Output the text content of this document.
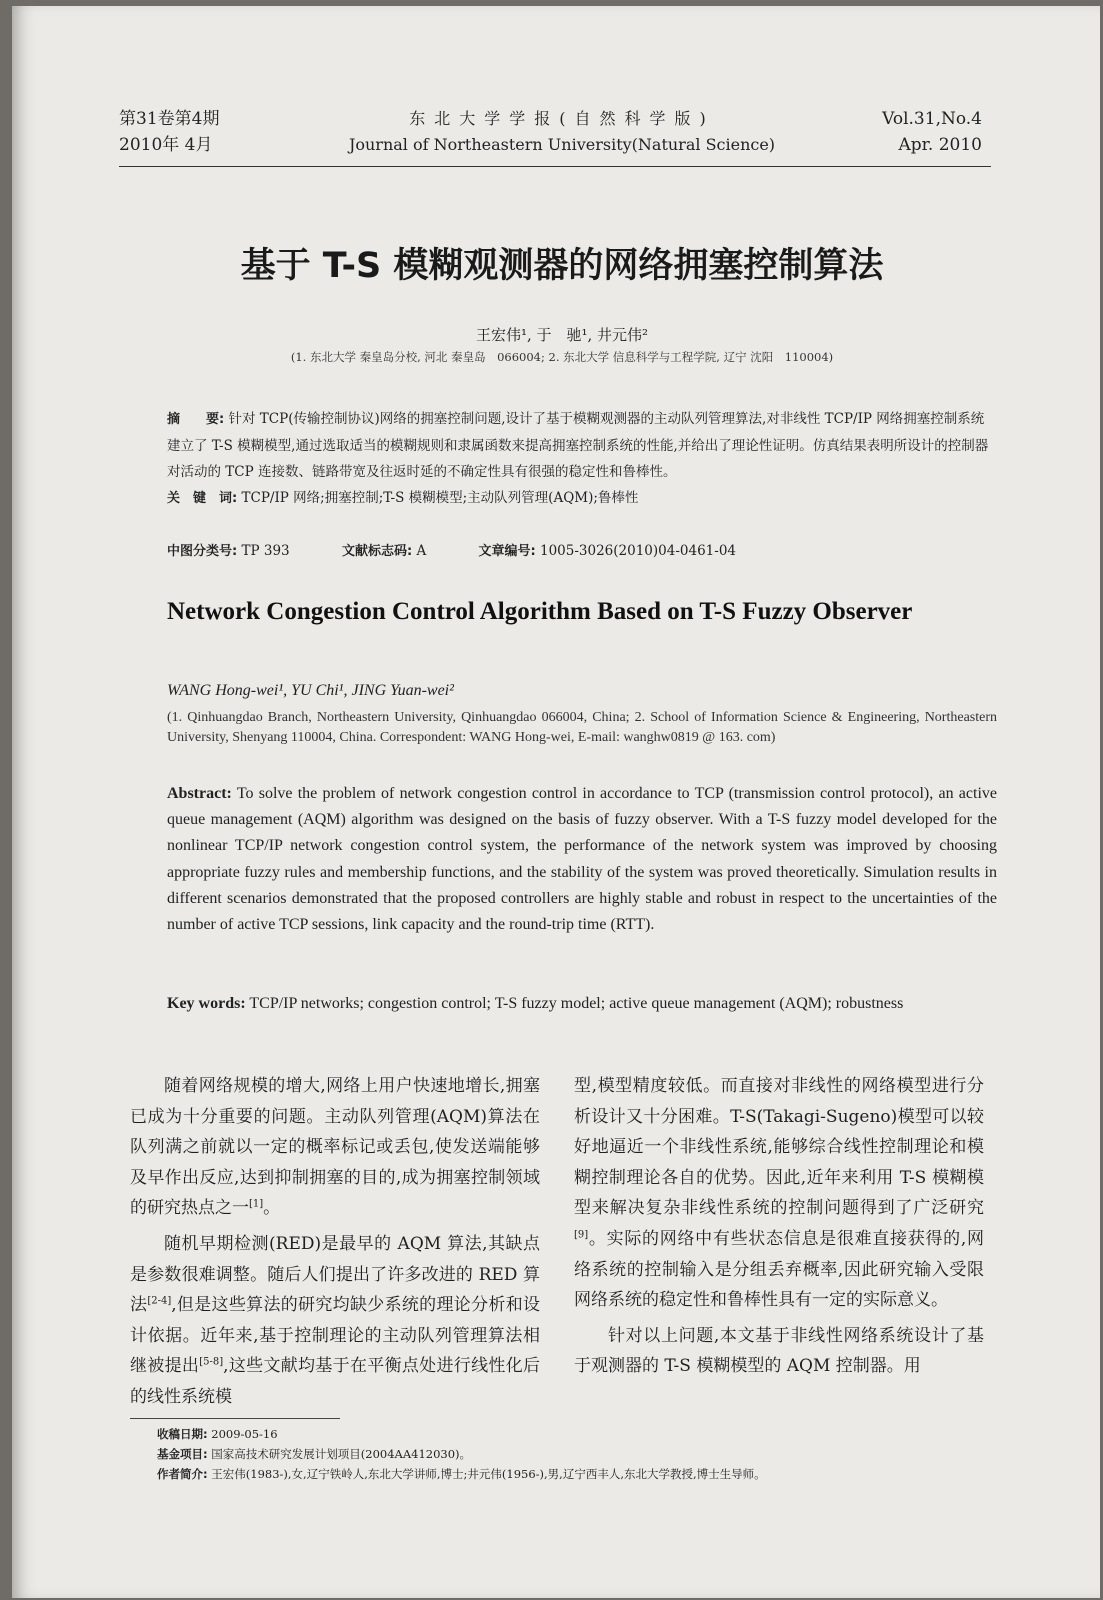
第31卷第4期
2010年 4月
东北大学学报(自然科学版)
Journal of Northeastern University(Natural Science)
Vol.31,No.4
Apr. 2010
基于 T-S 模糊观测器的网络拥塞控制算法
王宏伟¹, 于　驰¹, 井元伟²
(1. 东北大学 秦皇岛分校, 河北 秦皇岛　066004; 2. 东北大学 信息科学与工程学院, 辽宁 沈阳　110004)
摘　　要: 针对 TCP(传输控制协议)网络的拥塞控制问题,设计了基于模糊观测器的主动队列管理算法,对非线性 TCP/IP 网络拥塞控制系统建立了 T-S 模糊模型,通过选取适当的模糊规则和隶属函数来提高拥塞控制系统的性能,并给出了理论性证明。仿真结果表明所设计的控制器对活动的 TCP 连接数、链路带宽及往返时延的不确定性具有很强的稳定性和鲁棒性。
关　键　词: TCP/IP 网络;拥塞控制;T-S 模糊模型;主动队列管理(AQM);鲁棒性
中图分类号: TP 393	文献标志码: A	文章编号: 1005-3026(2010)04-0461-04
Network Congestion Control Algorithm Based on T-S Fuzzy Observer
WANG Hong-wei¹, YU Chi¹, JING Yuan-wei²
(1. Qinhuangdao Branch, Northeastern University, Qinhuangdao 066004, China; 2. School of Information Science & Engineering, Northeastern University, Shenyang 110004, China. Correspondent: WANG Hong-wei, E-mail: wanghw0819 @ 163. com)
Abstract: To solve the problem of network congestion control in accordance to TCP (transmission control protocol), an active queue management (AQM) algorithm was designed on the basis of fuzzy observer. With a T-S fuzzy model developed for the nonlinear TCP/IP network congestion control system, the performance of the network system was improved by choosing appropriate fuzzy rules and membership functions, and the stability of the system was proved theoretically. Simulation results in different scenarios demonstrated that the proposed controllers are highly stable and robust in respect to the uncertainties of the number of active TCP sessions, link capacity and the round-trip time (RTT).
Key words: TCP/IP networks; congestion control; T-S fuzzy model; active queue management (AQM); robustness

随着网络规模的增大,网络上用户快速地增长,拥塞已成为十分重要的问题。主动队列管理(AQM)算法在队列满之前就以一定的概率标记或丢包,使发送端能够及早作出反应,达到抑制拥塞的目的,成为拥塞控制领域的研究热点之一[1]。

随机早期检测(RED)是最早的 AQM 算法,其缺点是参数很难调整。随后人们提出了许多改进的 RED 算法[2-4],但是这些算法的研究均缺少系统的理论分析和设计依据。近年来,基于控制理论的主动队列管理算法相继被提出[5-8],这些文献均基于在平衡点处进行线性化后的线性系统模

型,模型精度较低。而直接对非线性的网络模型进行分析设计又十分困难。T-S(Takagi-Sugeno)模型可以较好地逼近一个非线性系统,能够综合线性控制理论和模糊控制理论各自的优势。因此,近年来利用 T-S 模糊模型来解决复杂非线性系统的控制问题得到了广泛研究[9]。实际的网络中有些状态信息是很难直接获得的,网络系统的控制输入是分组丢弃概率,因此研究输入受限网络系统的稳定性和鲁棒性具有一定的实际意义。

针对以上问题,本文基于非线性网络系统设计了基于观测器的 T-S 模糊模型的 AQM 控制器。用

收稿日期: 2009-05-16
基金项目: 国家高技术研究发展计划项目(2004AA412030)。
作者简介: 王宏伟(1983-),女,辽宁铁岭人,东北大学讲师,博士;井元伟(1956-),男,辽宁西丰人,东北大学教授,博士生导师。
